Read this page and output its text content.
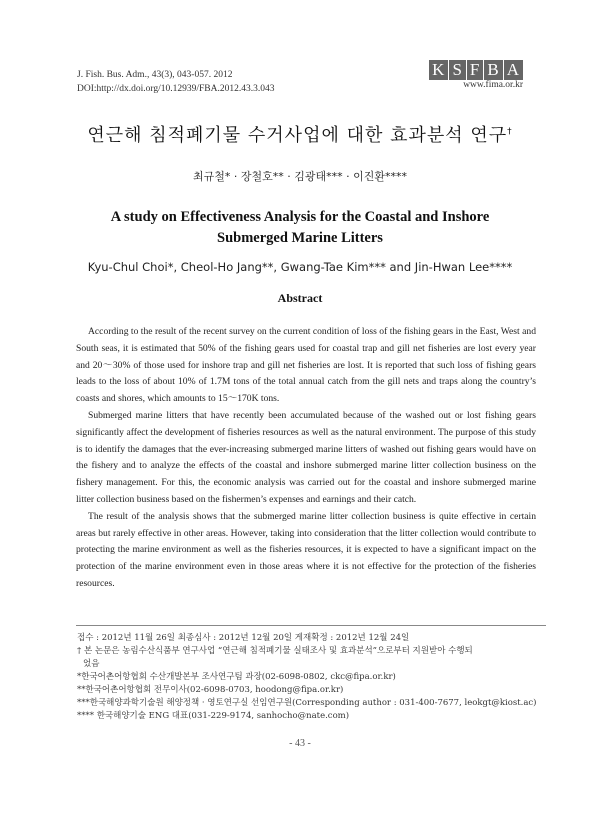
J. Fish. Bus. Adm., 43(3), 043-057. 2012
DOI:http://dx.doi.org/10.12939/FBA.2012.43.3.043
K S F B A
www.fima.or.kr
연근해 침적폐기물 수거사업에 대한 효과분석 연구†
최규철* · 장철호** · 김광태*** · 이진환****
A study on Effectiveness Analysis for the Coastal and Inshore
Submerged Marine Litters
Kyu-Chul Choi*, Cheol-Ho Jang**, Gwang-Tae Kim*** and Jin-Hwan Lee****
Abstract

According to the result of the recent survey on the current condition of loss of the fishing gears in the East, West and South seas, it is estimated that 50% of the fishing gears used for coastal trap and gill net fisheries are lost every year and 20～30% of those used for inshore trap and gill net fisheries are lost. It is reported that such loss of fishing gears leads to the loss of about 10% of 1.7M tons of the total annual catch from the gill nets and traps along the country’s coasts and shores, which amounts to 15～170K tons.

Submerged marine litters that have recently been accumulated because of the washed out or lost fishing gears significantly affect the development of fisheries resources as well as the natural environment. The purpose of this study is to identify the damages that the ever-increasing submerged marine litters of washed out fishing gears would have on the fishery and to analyze the effects of the coastal and inshore submerged marine litter collection business on the fishery management. For this, the economic analysis was carried out for the coastal and inshore submerged marine litter collection business based on the fishermen’s expenses and earnings and their catch.

The result of the analysis shows that the submerged marine litter collection business is quite effective in certain areas but rarely effective in other areas. However, taking into consideration that the litter collection would contribute to protecting the marine environment as well as the fisheries resources, it is expected to have a significant impact on the protection of the marine environment even in those areas where it is not effective for the protection of the fisheries resources.

접수 : 2012년 11월 26일 최종심사 : 2012년 12월 20일 게재확정 : 2012년 12월 24일
† 본 논문은 농림수산식품부 연구사업 “연근해 침적폐기물 실태조사 및 효과분석”으로부터 지원받아 수행되
었음
*한국어촌어항협회 수산개발본부 조사연구팀 과장(02-6098-0802, ckc@fipa.or.kr)
**한국어촌어항협회 전무이사(02-6098-0703, hoodong@fipa.or.kr)
***한국해양과학기술원 해양정책 · 영토연구실 선임연구원(Corresponding author : 031-400-7677, leokgt@kiost.ac)
**** 한국해양기술 ENG 대표(031-229-9174, sanhocho@nate.com)
- 43 -
